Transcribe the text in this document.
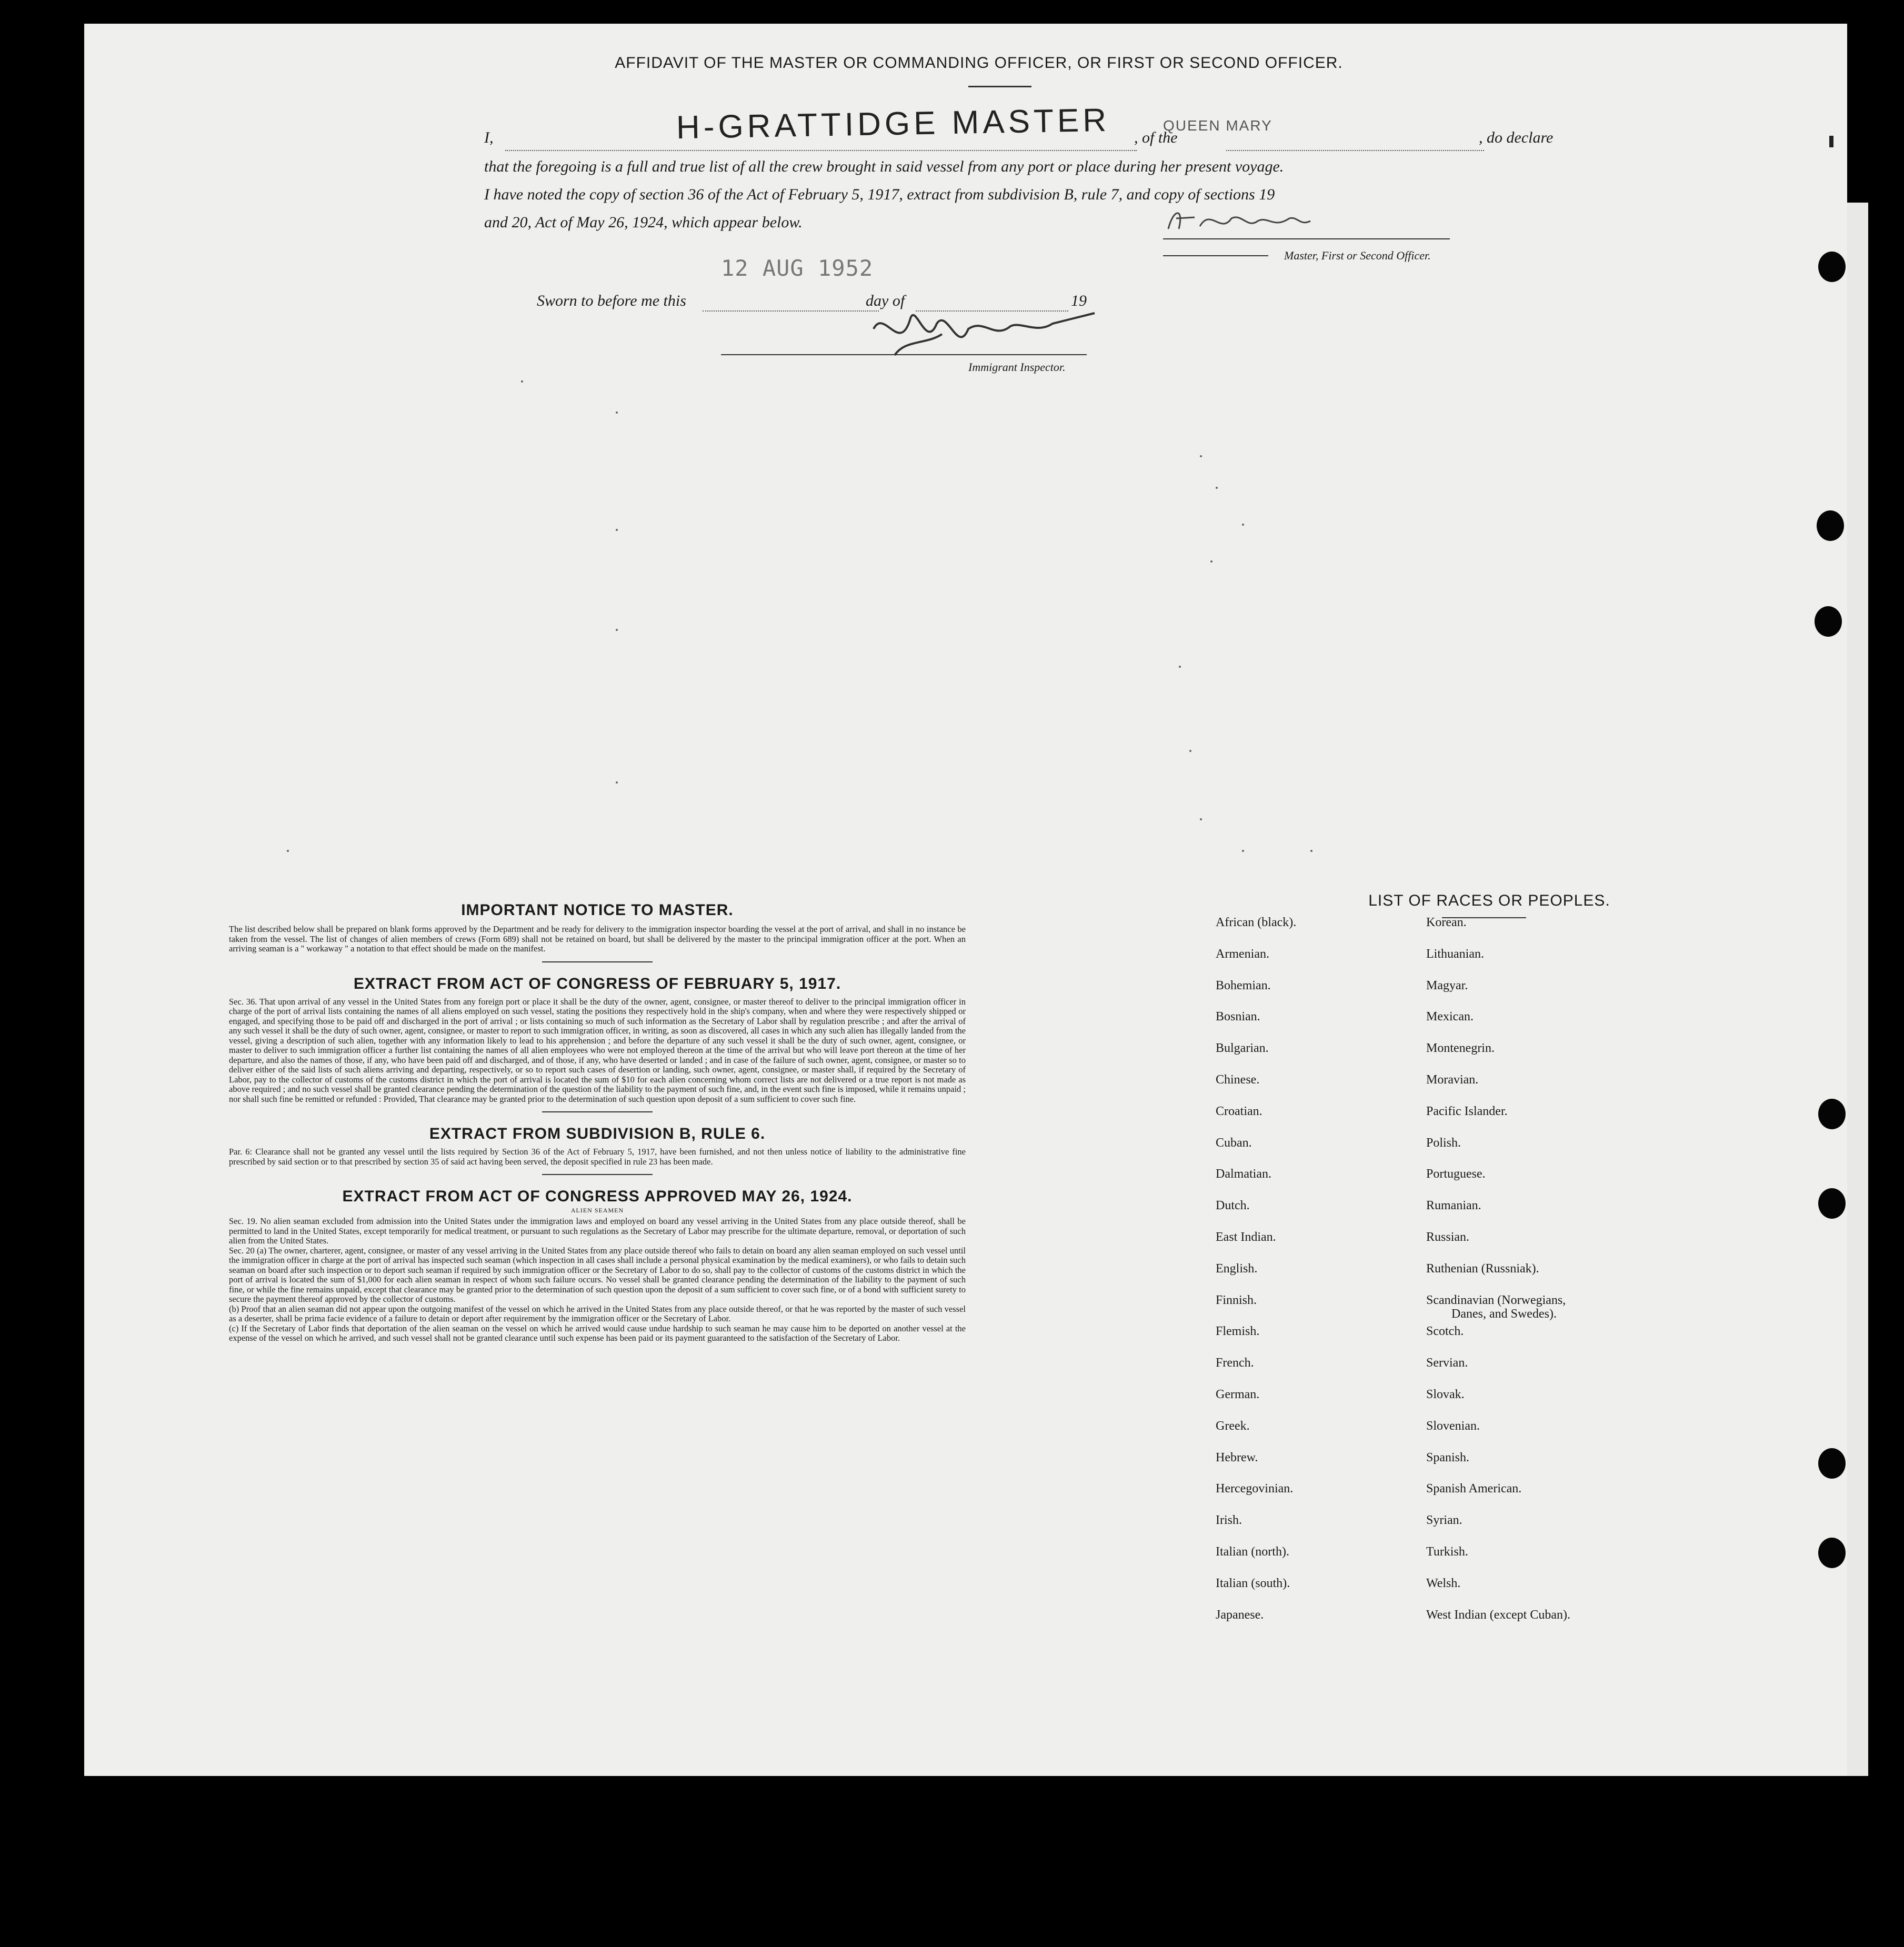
AFFIDAVIT OF THE MASTER OR COMMANDING OFFICER, OR FIRST OR SECOND OFFICER.
I,	H-GRATTIDGE MASTER , of the
QUEEN MARY
, do declare
that the foregoing is a full and true list of all the crew brought in said vessel from any port or place during her present voyage.
I have noted the copy of section 36 of the Act of February 5, 1917, extract from subdivision B, rule 7, and copy of sections 19
and 20, Act of May 26, 1924, which appear below.
Master, First or Second Officer.
Sworn to before me this
12 AUG 1952
day of	19
Immigrant Inspector.
IMPORTANT NOTICE TO MASTER.

The list described below shall be prepared on blank forms approved by the Department and be ready for delivery to the immigration inspector boarding the vessel at the port of arrival, and shall in no instance be taken from the vessel. The list of changes of alien members of crews (Form 689) shall not be retained on board, but shall be delivered by the master to the principal immigration officer at the port. When an arriving seaman is a " workaway " a notation to that effect should be made on the manifest.

EXTRACT FROM ACT OF CONGRESS OF FEBRUARY 5, 1917.

Sec. 36. That upon arrival of any vessel in the United States from any foreign port or place it shall be the duty of the owner, agent, consignee, or master thereof to deliver to the principal immigration officer in charge of the port of arrival lists containing the names of all aliens employed on such vessel, stating the positions they respectively hold in the ship's company, when and where they were respectively shipped or engaged, and specifying those to be paid off and discharged in the port of arrival ; or lists containing so much of such information as the Secretary of Labor shall by regulation prescribe ; and after the arrival of any such vessel it shall be the duty of such owner, agent, consignee, or master to report to such immigration officer, in writing, as soon as discovered, all cases in which any such alien has illegally landed from the vessel, giving a description of such alien, together with any information likely to lead to his apprehension ; and before the departure of any such vessel it shall be the duty of such owner, agent, consignee, or master to deliver to such immigration officer a further list containing the names of all alien employees who were not employed thereon at the time of the arrival but who will leave port thereon at the time of her departure, and also the names of those, if any, who have been paid off and discharged, and of those, if any, who have deserted or landed ; and in case of the failure of such owner, agent, consignee, or master so to deliver either of the said lists of such aliens arriving and departing, respectively, or so to report such cases of desertion or landing, such owner, agent, consignee, or master shall, if required by the Secretary of Labor, pay to the collector of customs of the customs district in which the port of arrival is located the sum of $10 for each alien concerning whom correct lists are not delivered or a true report is not made as above required ; and no such vessel shall be granted clearance pending the determination of the question of the liability to the payment of such fine, and, in the event such fine is imposed, while it remains unpaid ; nor shall such fine be remitted or refunded : Provided, That clearance may be granted prior to the determination of such question upon deposit of a sum sufficient to cover such fine.

EXTRACT FROM SUBDIVISION B, RULE 6.

Par. 6: Clearance shall not be granted any vessel until the lists required by Section 36 of the Act of February 5, 1917, have been furnished, and not then unless notice of liability to the administrative fine prescribed by said section or to that prescribed by section 35 of said act having been served, the deposit specified in rule 23 has been made.

EXTRACT FROM ACT OF CONGRESS APPROVED MAY 26, 1924.
ALIEN SEAMEN

Sec. 19. No alien seaman excluded from admission into the United States under the immigration laws and employed on board any vessel arriving in the United States from any place outside thereof, shall be permitted to land in the United States, except temporarily for medical treatment, or pursuant to such regulations as the Secretary of Labor may prescribe for the ultimate departure, removal, or deportation of such alien from the United States.

Sec. 20 (a) The owner, charterer, agent, consignee, or master of any vessel arriving in the United States from any place outside thereof who fails to detain on board any alien seaman employed on such vessel until the immigration officer in charge at the port of arrival has inspected such seaman (which inspection in all cases shall include a personal physical examination by the medical examiners), or who fails to detain such seaman on board after such inspection or to deport such seaman if required by such immigration officer or the Secretary of Labor to do so, shall pay to the collector of customs of the customs district in which the port of arrival is located the sum of $1,000 for each alien seaman in respect of whom such failure occurs. No vessel shall be granted clearance pending the determination of the liability to the payment of such fine, or while the fine remains unpaid, except that clearance may be granted prior to the determination of such question upon the deposit of a sum sufficient to cover such fine, or of a bond with sufficient surety to secure the payment thereof approved by the collector of customs.

(b) Proof that an alien seaman did not appear upon the outgoing manifest of the vessel on which he arrived in the United States from any place outside thereof, or that he was reported by the master of such vessel as a deserter, shall be prima facie evidence of a failure to detain or deport after requirement by the immigration officer or the Secretary of Labor.

(c) If the Secretary of Labor finds that deportation of the alien seaman on the vessel on which he arrived would cause undue hardship to such seaman he may cause him to be deported on another vessel at the expense of the vessel on which he arrived, and such vessel shall not be granted clearance until such expense has been paid or its payment guaranteed to the satisfaction of the Secretary of Labor.

LIST OF RACES OR PEOPLES.
African (black).
Armenian.
Bohemian.
Bosnian.
Bulgarian.
Chinese.
Croatian.
Cuban.
Dalmatian.
Dutch.
East Indian.
English.
Finnish.
Flemish.
French.
German.
Greek.
Hebrew.
Hercegovinian.
Irish.
Italian (north).
Italian (south).
Japanese.
Korean.
Lithuanian.
Magyar.
Mexican.
Montenegrin.
Moravian.
Pacific Islander.
Polish.
Portuguese.
Rumanian.
Russian.
Ruthenian (Russniak).
Scandinavian (Norwegians,
Danes, and Swedes).
Scotch.
Servian.
Slovak.
Slovenian.
Spanish.
Spanish American.
Syrian.
Turkish.
Welsh.
West Indian (except Cuban).
